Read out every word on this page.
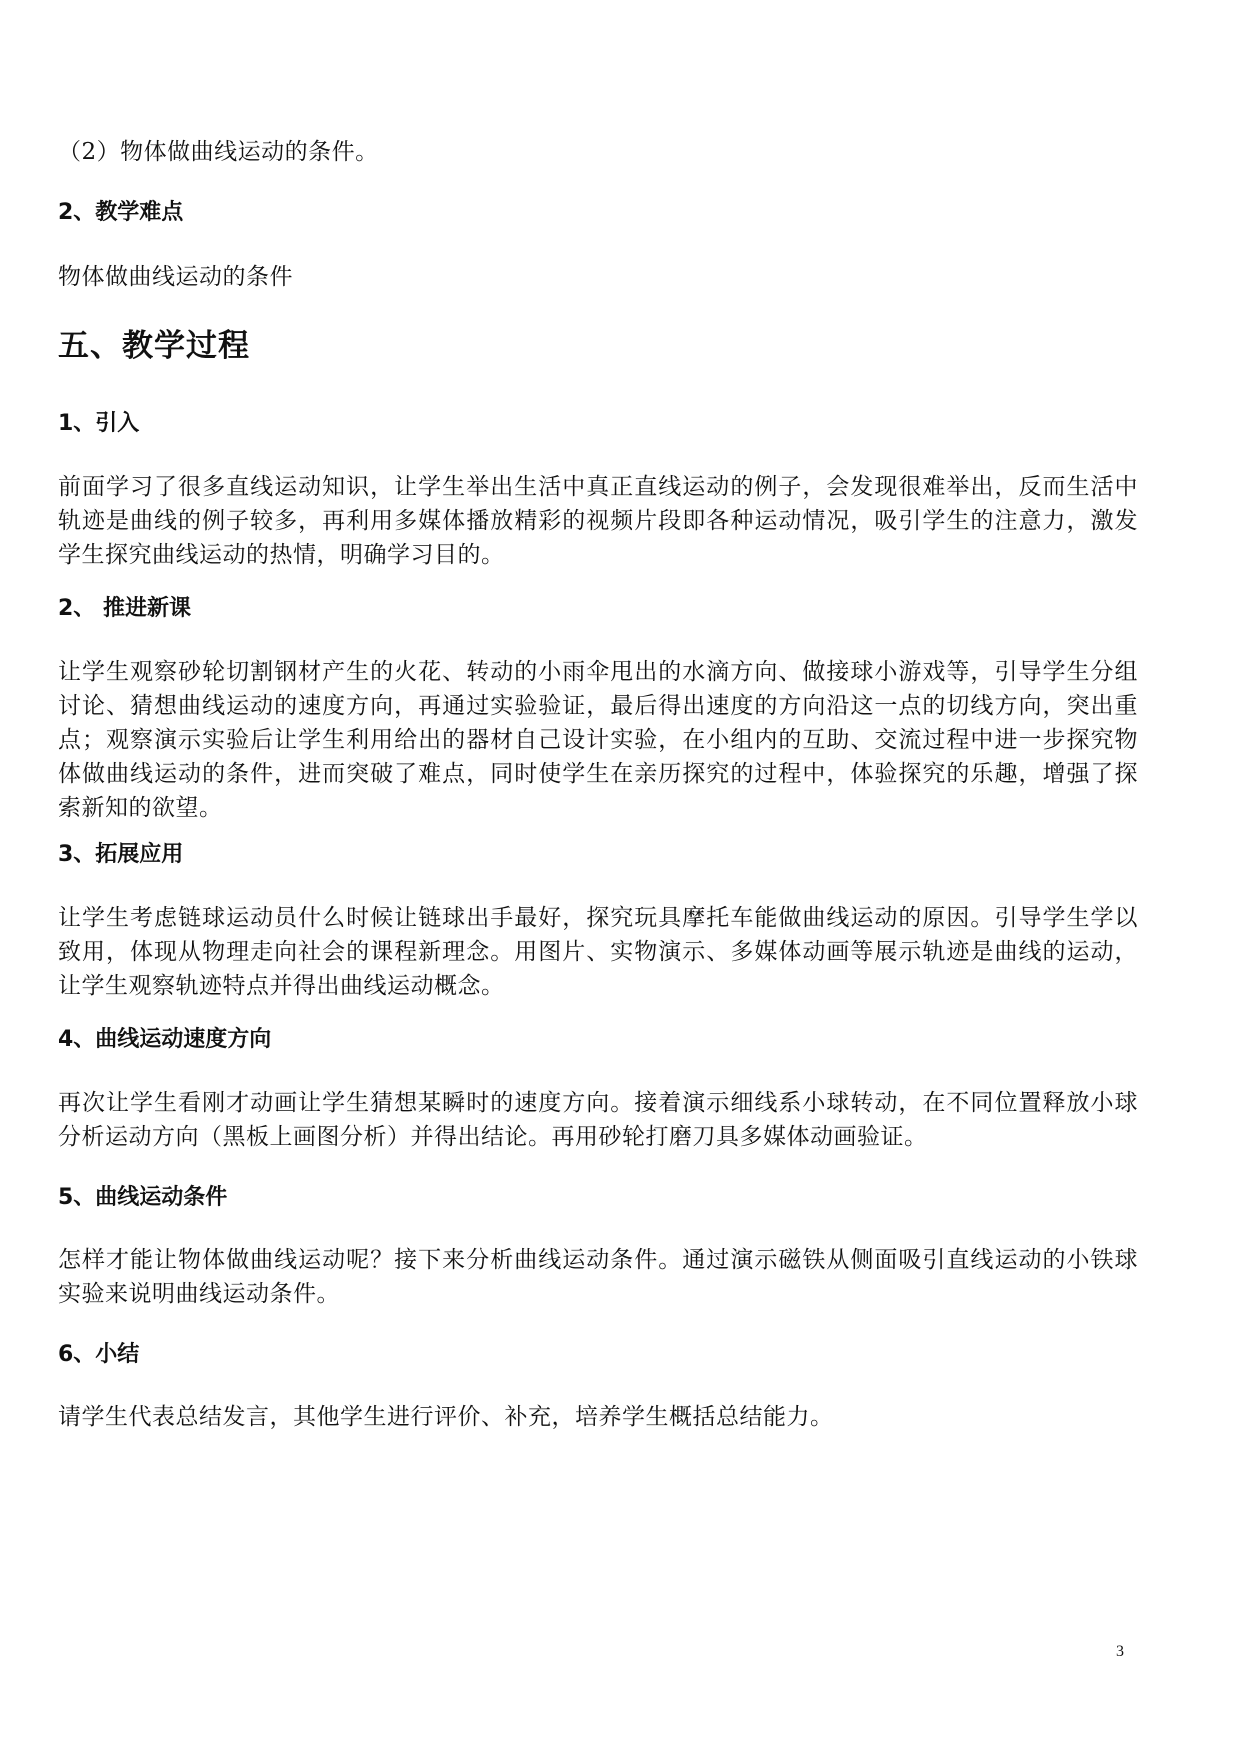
（2）物体做曲线运动的条件。

2、教学难点

物体做曲线运动的条件

五、教学过程

1、引入

前面学习了很多直线运动知识，让学生举出生活中真正直线运动的例子，会发现很难举出，反而生活中轨迹是曲线的例子较多，再利用多媒体播放精彩的视频片段即各种运动情况，吸引学生的注意力，激发学生探究曲线运动的热情，明确学习目的。

2、 推进新课

让学生观察砂轮切割钢材产生的火花、转动的小雨伞甩出的水滴方向、做接球小游戏等，引导学生分组讨论、猜想曲线运动的速度方向，再通过实验验证，最后得出速度的方向沿这一点的切线方向，突出重点；观察演示实验后让学生利用给出的器材自己设计实验，在小组内的互助、交流过程中进一步探究物体做曲线运动的条件，进而突破了难点，同时使学生在亲历探究的过程中，体验探究的乐趣，增强了探索新知的欲望。

3、拓展应用

让学生考虑链球运动员什么时候让链球出手最好，探究玩具摩托车能做曲线运动的原因。引导学生学以致用，体现从物理走向社会的课程新理念。用图片、实物演示、多媒体动画等展示轨迹是曲线的运动，让学生观察轨迹特点并得出曲线运动概念。

4、曲线运动速度方向

再次让学生看刚才动画让学生猜想某瞬时的速度方向。接着演示细线系小球转动，在不同位置释放小球分析运动方向（黑板上画图分析）并得出结论。再用砂轮打磨刀具多媒体动画验证。

5、曲线运动条件

怎样才能让物体做曲线运动呢？接下来分析曲线运动条件。通过演示磁铁从侧面吸引直线运动的小铁球实验来说明曲线运动条件。

6、小结

请学生代表总结发言，其他学生进行评价、补充，培养学生概括总结能力。

3
